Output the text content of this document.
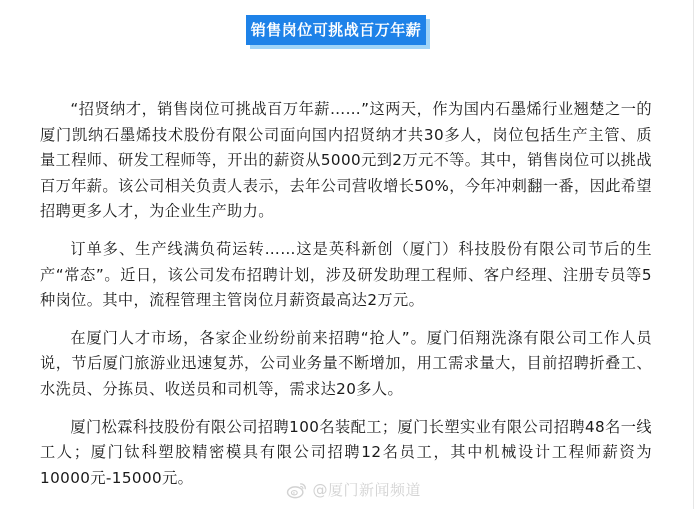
销售岗位可挑战百万年薪

“招贤纳才，销售岗位可挑战百万年薪……”这两天，作为国内石墨烯行业翘楚之一的厦门凯纳石墨烯技术股份有限公司面向国内招贤纳才共30多人，岗位包括生产主管、质量工程师、研发工程师等，开出的薪资从5000元到2万元不等。其中，销售岗位可以挑战百万年薪。该公司相关负责人表示，去年公司营收增长50%，今年冲刺翻一番，因此希望招聘更多人才，为企业生产助力。

订单多、生产线满负荷运转……这是英科新创（厦门）科技股份有限公司节后的生产“常态”。近日，该公司发布招聘计划，涉及研发助理工程师、客户经理、注册专员等5种岗位。其中，流程管理主管岗位月薪资最高达2万元。

在厦门人才市场，各家企业纷纷前来招聘“抢人”。厦门佰翔洗涤有限公司工作人员说，节后厦门旅游业迅速复苏，公司业务量不断增加，用工需求量大，目前招聘折叠工、水洗员、分拣员、收送员和司机等，需求达20多人。

厦门松霖科技股份有限公司招聘100名装配工；厦门长塑实业有限公司招聘48名一线工人；厦门钛科塑胶精密模具有限公司招聘12名员工，其中机械设计工程师薪资为10000元-15000元。

@厦门新闻频道
